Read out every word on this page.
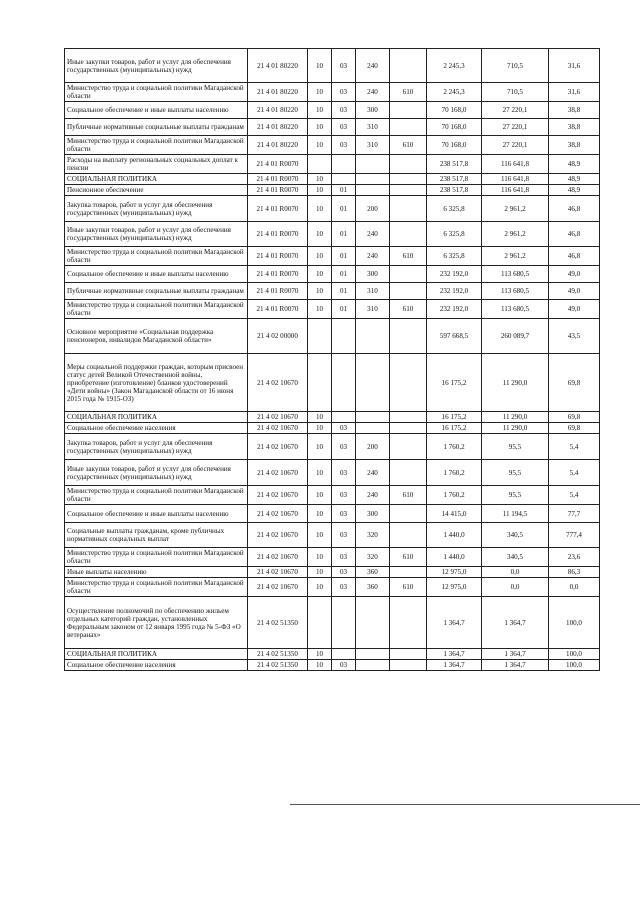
Иные закупки товаров, работ и услуг для обеспечения государственных (муниципальных) нужд	21 4 01 80220	10	03	240		2 245,3	710,5	31,6
Министерство труда и социальной политики Магаданской области	21 4 01 80220	10	03	240	610	2 245,3	710,5	31,6
Социальное обеспечение и иные выплаты населению	21 4 01 80220	10	03	300		70 168,0	27 220,1	38,8
Публичные нормативные социальные выплаты гражданам	21 4 01 80220	10	03	310		70 168,0	27 220,1	38,8
Министерство труда и социальной политики Магаданской области	21 4 01 80220	10	03	310	610	70 168,0	27 220,1	38,8
Расходы на выплату региональных социальных доплат к пенсии	21 4 01 R0070					238 517,8	116 641,8	48,9
СОЦИАЛЬНАЯ ПОЛИТИКА	21 4 01 R0070	10				238 517,8	116 641,8	48,9
Пенсионное обеспечение	21 4 01 R0070	10	01			238 517,8	116 641,8	48,9
Закупка товаров, работ и услуг для обеспечения государственных (муниципальных) нужд	21 4 01 R0070	10	01	200		6 325,8	2 961,2	46,8
Иные закупки товаров, работ и услуг для обеспечения государственных (муниципальных) нужд	21 4 01 R0070	10	01	240		6 325,8	2 961,2	46,8
Министерство труда и социальной политики Магаданской области	21 4 01 R0070	10	01	240	610	6 325,8	2 961,2	46,8
Социальное обеспечение и иные выплаты населению	21 4 01 R0070	10	01	300		232 192,0	113 680,5	49,0
Публичные нормативные социальные выплаты гражданам	21 4 01 R0070	10	01	310		232 192,0	113 680,5	49,0
Министерство труда и социальной политики Магаданской области	21 4 01 R0070	10	01	310	610	232 192,0	113 680,5	49,0
Основное мероприятие «Социальная поддержка пенсионеров, инвалидов Магаданской области»	21 4 02 00000					597 668,5	260 089,7	43,5
Меры социальной поддержки граждан, которым присвоен статус детей Великой Отечественной войны, приобретение (изготовление) бланков удостоверений «Дети войны» (Закон Магаданской области от 16 июня 2015 года № 1915-ОЗ)	21 4 02 10670					16 175,2	11 290,0	69,8
СОЦИАЛЬНАЯ ПОЛИТИКА	21 4 02 10670	10				16 175,2	11 290,0	69,8
Социальное обеспечение населения	21 4 02 10670	10	03			16 175,2	11 290,0	69,8
Закупка товаров, работ и услуг для обеспечения государственных (муниципальных) нужд	21 4 02 10670	10	03	200		1 760,2	95,5	5,4
Иные закупки товаров, работ и услуг для обеспечения государственных (муниципальных) нужд	21 4 02 10670	10	03	240		1 760,2	95,5	5,4
Министерство труда и социальной политики Магаданской области	21 4 02 10670	10	03	240	610	1 760,2	95,5	5,4
Социальное обеспечение и иные выплаты населению	21 4 02 10670	10	03	300		14 415,0	11 194,5	77,7
Социальные выплаты гражданам, кроме публичных нормативных социальных выплат	21 4 02 10670	10	03	320		1 440,0	340,5	777,4
Министерство труда и социальной политики Магаданской области	21 4 02 10670	10	03	320	610	1 440,0	340,5	23,6
Иные выплаты населению	21 4 02 10670	10	03	360		12 975,0	0,0	86,3
Министерство труда и социальной политики Магаданской области	21 4 02 10670	10	03	360	610	12 975,0	0,0	0,0
Осуществление полномочий по обеспечению жильем отдельных категорий граждан, установленных Федеральным законом от 12 января 1995 года № 5-ФЗ «О ветеранах»	21 4 02 51350					1 364,7	1 364,7	100,0
СОЦИАЛЬНАЯ ПОЛИТИКА	21 4 02 51350	10				1 364,7	1 364,7	100,0
Социальное обеспечение населения	21 4 02 51350	10	03			1 364,7	1 364,7	100,0
